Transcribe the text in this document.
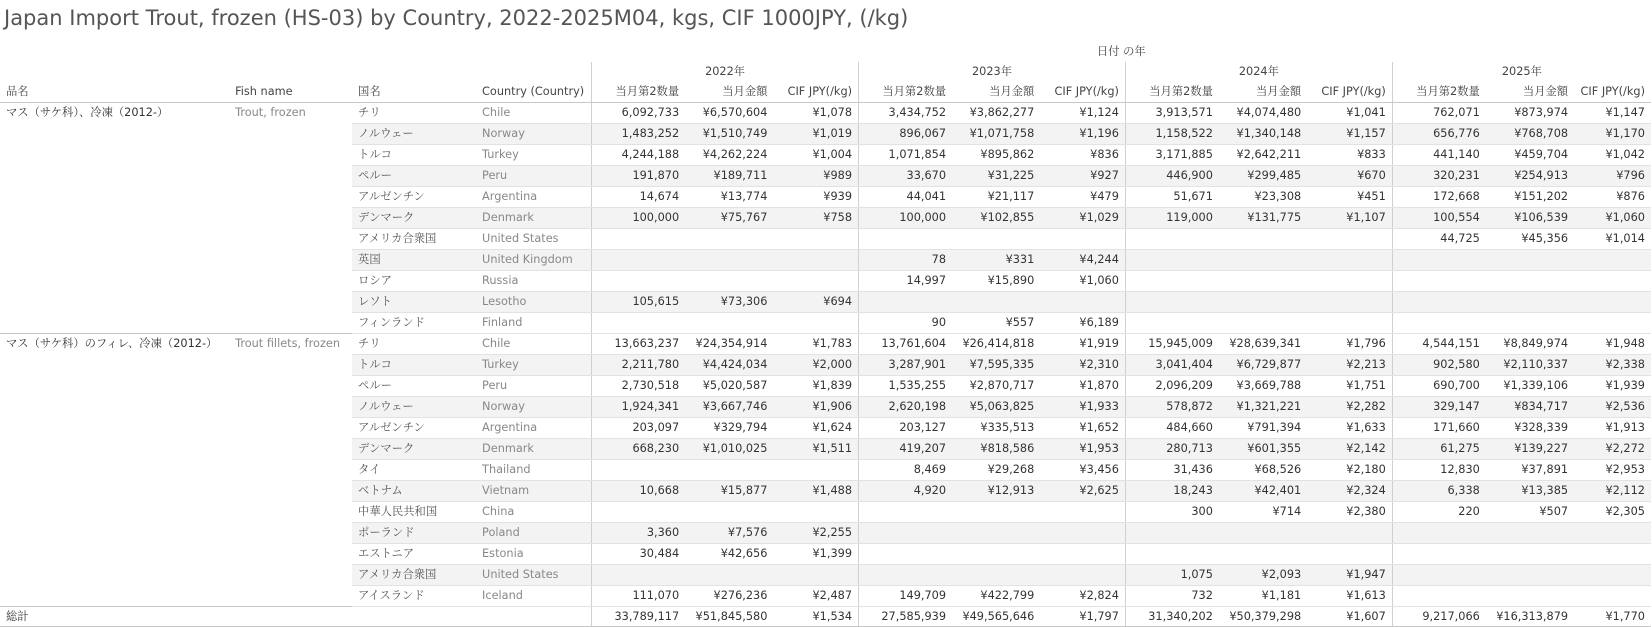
Japan Import Trout, frozen (HS-03) by Country, 2022-2025M04, kgs, CIF 1000JPY, (/kg)
				日付 の年											
				2022年			2023年			2024年			2025年		
品名	Fish name	国名	Country (Country)	当月第2数量	当月金額	CIF JPY(/kg)	当月第2数量	当月金額	CIF JPY(/kg)	当月第2数量	当月金額	CIF JPY(/kg)	当月第2数量	当月金額	CIF JPY(/kg)
マス（サケ科）、冷凍（2012-）	Trout, frozen	チリ	Chile	6,092,733	¥6,570,604	¥1,078	3,434,752	¥3,862,277	¥1,124	3,913,571	¥4,074,480	¥1,041	762,071	¥873,974	¥1,147
		ノルウェー	Norway	1,483,252	¥1,510,749	¥1,019	896,067	¥1,071,758	¥1,196	1,158,522	¥1,340,148	¥1,157	656,776	¥768,708	¥1,170
		トルコ	Turkey	4,244,188	¥4,262,224	¥1,004	1,071,854	¥895,862	¥836	3,171,885	¥2,642,211	¥833	441,140	¥459,704	¥1,042
		ペルー	Peru	191,870	¥189,711	¥989	33,670	¥31,225	¥927	446,900	¥299,485	¥670	320,231	¥254,913	¥796
		アルゼンチン	Argentina	14,674	¥13,774	¥939	44,041	¥21,117	¥479	51,671	¥23,308	¥451	172,668	¥151,202	¥876
		デンマーク	Denmark	100,000	¥75,767	¥758	100,000	¥102,855	¥1,029	119,000	¥131,775	¥1,107	100,554	¥106,539	¥1,060
		アメリカ合衆国	United States										44,725	¥45,356	¥1,014
		英国	United Kingdom				78	¥331	¥4,244						
		ロシア	Russia				14,997	¥15,890	¥1,060						
		レソト	Lesotho	105,615	¥73,306	¥694									
		フィンランド	Finland				90	¥557	¥6,189						
マス（サケ科）のフィレ、冷凍（2012-）	Trout fillets, frozen	チリ	Chile	13,663,237	¥24,354,914	¥1,783	13,761,604	¥26,414,818	¥1,919	15,945,009	¥28,639,341	¥1,796	4,544,151	¥8,849,974	¥1,948
		トルコ	Turkey	2,211,780	¥4,424,034	¥2,000	3,287,901	¥7,595,335	¥2,310	3,041,404	¥6,729,877	¥2,213	902,580	¥2,110,337	¥2,338
		ペルー	Peru	2,730,518	¥5,020,587	¥1,839	1,535,255	¥2,870,717	¥1,870	2,096,209	¥3,669,788	¥1,751	690,700	¥1,339,106	¥1,939
		ノルウェー	Norway	1,924,341	¥3,667,746	¥1,906	2,620,198	¥5,063,825	¥1,933	578,872	¥1,321,221	¥2,282	329,147	¥834,717	¥2,536
		アルゼンチン	Argentina	203,097	¥329,794	¥1,624	203,127	¥335,513	¥1,652	484,660	¥791,394	¥1,633	171,660	¥328,339	¥1,913
		デンマーク	Denmark	668,230	¥1,010,025	¥1,511	419,207	¥818,586	¥1,953	280,713	¥601,355	¥2,142	61,275	¥139,227	¥2,272
		タイ	Thailand				8,469	¥29,268	¥3,456	31,436	¥68,526	¥2,180	12,830	¥37,891	¥2,953
		ベトナム	Vietnam	10,668	¥15,877	¥1,488	4,920	¥12,913	¥2,625	18,243	¥42,401	¥2,324	6,338	¥13,385	¥2,112
		中華人民共和国	China							300	¥714	¥2,380	220	¥507	¥2,305
		ポーランド	Poland	3,360	¥7,576	¥2,255									
		エストニア	Estonia	30,484	¥42,656	¥1,399									
		アメリカ合衆国	United States							1,075	¥2,093	¥1,947			
		アイスランド	Iceland	111,070	¥276,236	¥2,487	149,709	¥422,799	¥2,824	732	¥1,181	¥1,613			
総計				33,789,117	¥51,845,580	¥1,534	27,585,939	¥49,565,646	¥1,797	31,340,202	¥50,379,298	¥1,607	9,217,066	¥16,313,879	¥1,770
